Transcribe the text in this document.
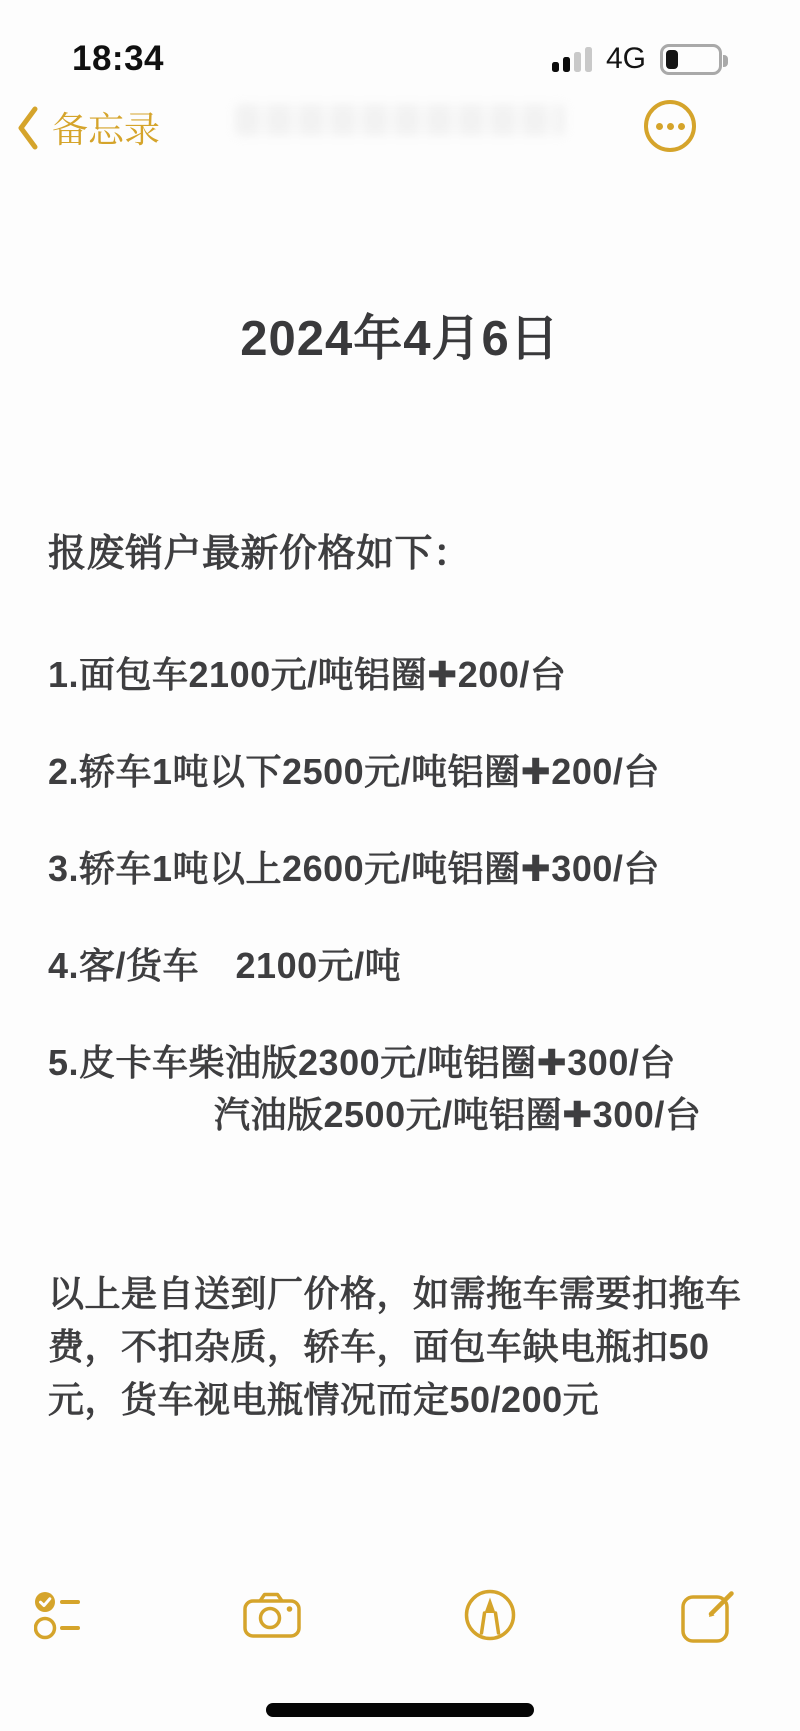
18:34	4G
备忘录
2024年4月6日
报废销户最新价格如下：
1.面包车2100元/吨铝圈✚200/台
2.轿车1吨以下2500元/吨铝圈✚200/台
3.轿车1吨以上2600元/吨铝圈✚300/台
4.客/货车　2100元/吨
5.皮卡车柴油版2300元/吨铝圈✚300/台
汽油版2500元/吨铝圈✚300/台
以上是自送到厂价格，如需拖车需要扣拖车
费，不扣杂质，轿车，面包车缺电瓶扣50
元，货车视电瓶情况而定50/200元
